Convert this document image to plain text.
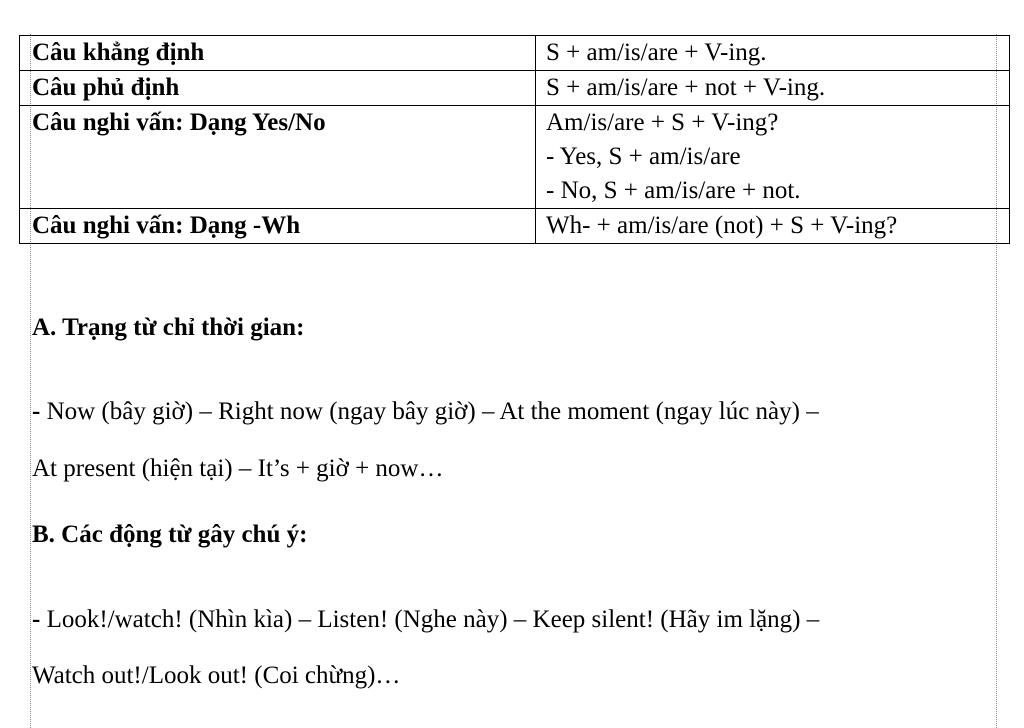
Câu khẳng định	S + am/is/are + V-ing.

Câu phủ định	S + am/is/are + not + V-ing.

Câu nghi vấn: Dạng Yes/No	Am/is/are + S + V-ing?
- Yes, S + am/is/are
- No, S + am/is/are + not.

Câu nghi vấn: Dạng -Wh	Wh- + am/is/are (not) + S + V-ing?
A. Trạng từ chỉ thời gian:
- Now (bây giờ) – Right now (ngay bây giờ) – At the moment (ngay lúc này) –
At present (hiện tại) – It’s + giờ + now…
B. Các động từ gây chú ý:
- Look!/watch! (Nhìn kìa) – Listen! (Nghe này) – Keep silent! (Hãy im lặng) –
Watch out!/Look out! (Coi chừng)…
